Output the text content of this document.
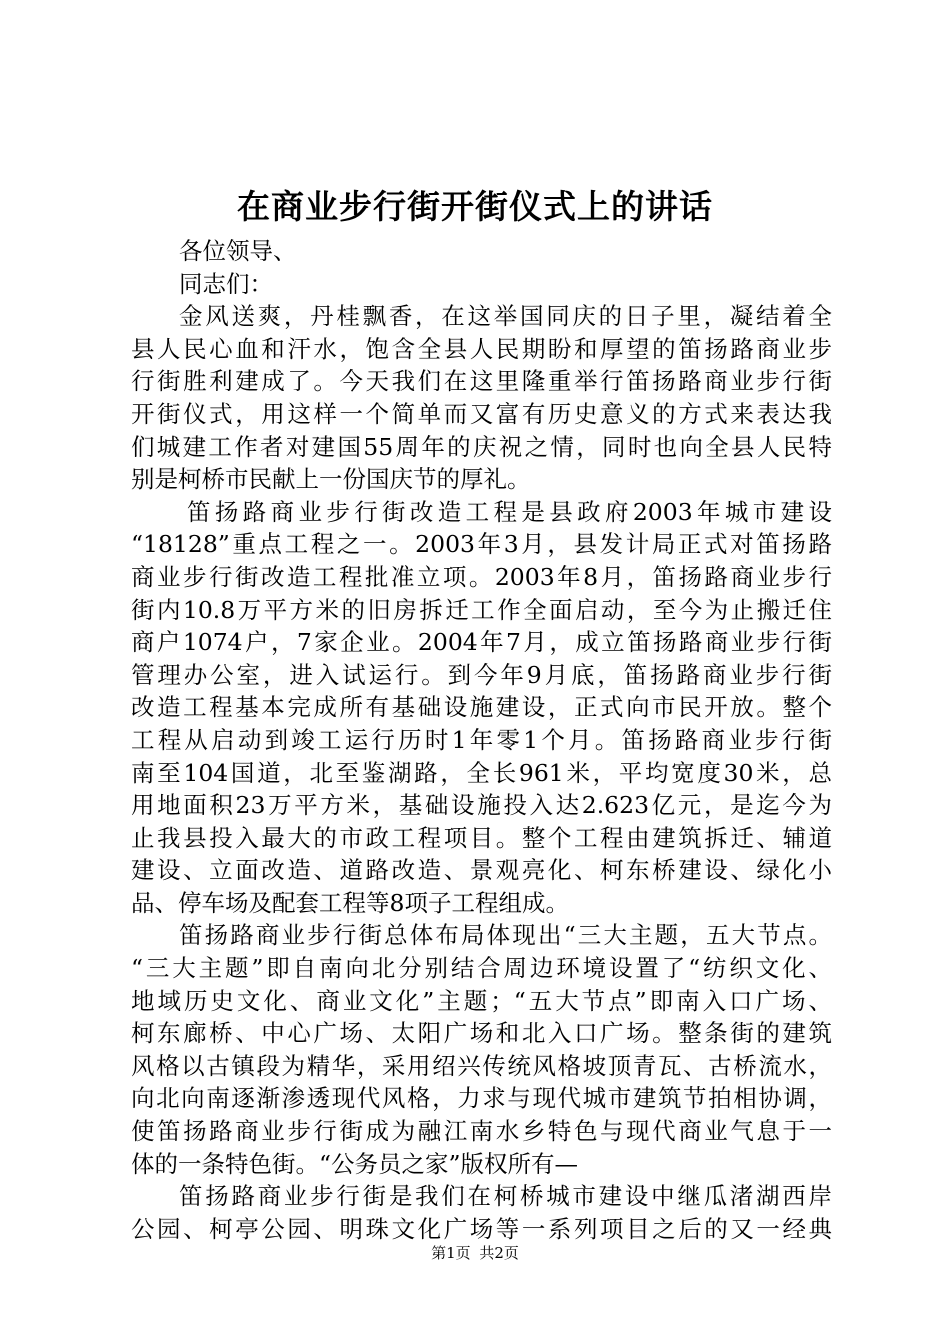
在商业步行街开街仪式上的讲话
各位领导、
同志们：
金风送爽，丹桂飘香，在这举国同庆的日子里，凝结着全
县人民心血和汗水，饱含全县人民期盼和厚望的笛扬路商业步
行街胜利建成了。今天我们在这里隆重举行笛扬路商业步行街
开街仪式，用这样一个简单而又富有历史意义的方式来表达我
们城建工作者对建国55周年的庆祝之情，同时也向全县人民特
别是柯桥市民献上一份国庆节的厚礼。
笛扬路商业步行街改造工程是县政府2003年城市建设
“18128”重点工程之一。2003年3月，县发计局正式对笛扬路
商业步行街改造工程批准立项。2003年8月，笛扬路商业步行
街内10.8万平方米的旧房拆迁工作全面启动，至今为止搬迁住
商户1074户，7家企业。2004年7月，成立笛扬路商业步行街
管理办公室，进入试运行。到今年9月底，笛扬路商业步行街
改造工程基本完成所有基础设施建设，正式向市民开放。整个
工程从启动到竣工运行历时1年零1个月。笛扬路商业步行街
南至104国道，北至鉴湖路，全长961米，平均宽度30米，总
用地面积23万平方米，基础设施投入达2.623亿元，是迄今为
止我县投入最大的市政工程项目。整个工程由建筑拆迁、辅道
建设、立面改造、道路改造、景观亮化、柯东桥建设、绿化小
品、停车场及配套工程等8项子工程组成。
笛扬路商业步行街总体布局体现出“三大主题，五大节点。
“三大主题”即自南向北分别结合周边环境设置了“纺织文化、
地域历史文化、商业文化”主题；“五大节点”即南入口广场、
柯东廊桥、中心广场、太阳广场和北入口广场。整条街的建筑
风格以古镇段为精华，采用绍兴传统风格坡顶青瓦、古桥流水，
向北向南逐渐渗透现代风格，力求与现代城市建筑节拍相协调，
使笛扬路商业步行街成为融江南水乡特色与现代商业气息于一
体的一条特色街。“公务员之家”版权所有—
笛扬路商业步行街是我们在柯桥城市建设中继瓜渚湖西岸
公园、柯亭公园、明珠文化广场等一系列项目之后的又一经典
第1页 共2页
